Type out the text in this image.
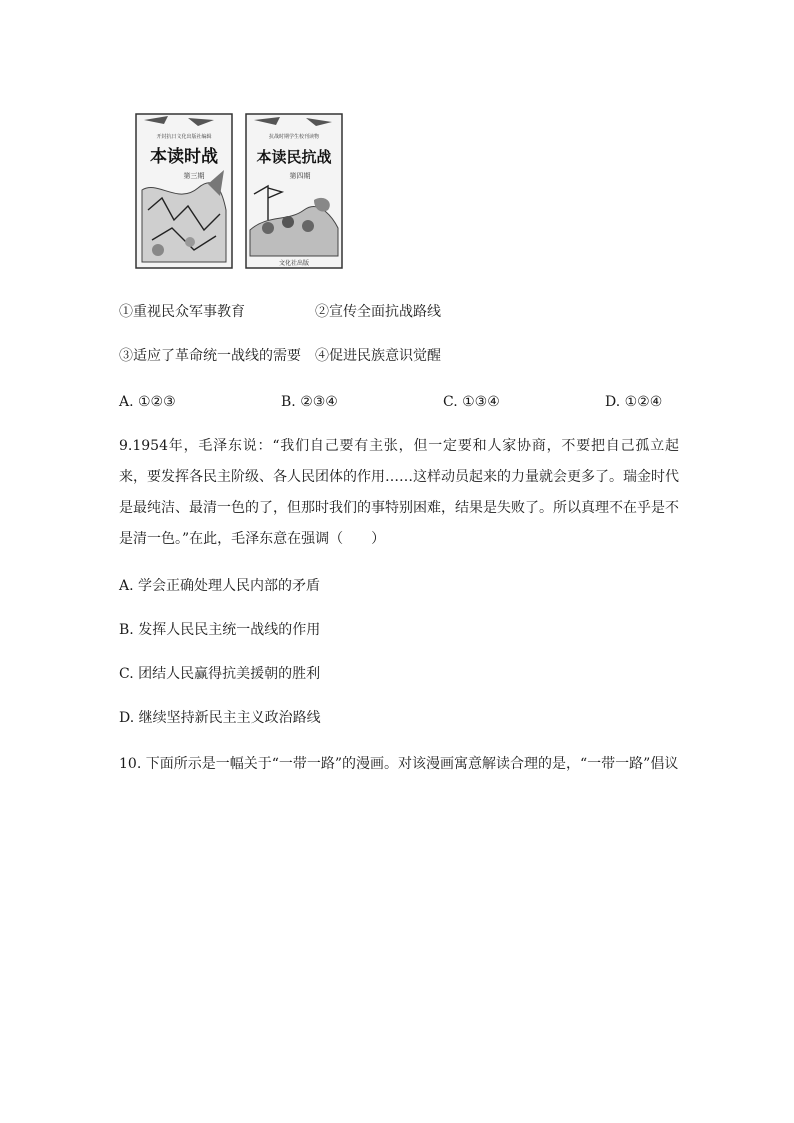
开封抗日文化出版社编辑
本读时战
第三期
抗战时期学生校刊读物
本读民抗战
第四期
文化社出版
①重视民众军事教育	②宣传全面抗战路线
③适应了革命统一战线的需要 ④促进民族意识觉醒
A. ①②③	B. ②③④	C. ①③④	D. ①②④
9.1954年，毛泽东说：“我们自己要有主张，但一定要和人家协商，不要把自己孤立起来，要发挥各民主阶级、各人民团体的作用……这样动员起来的力量就会更多了。瑞金时代是最纯洁、最清一色的了，但那时我们的事特别困难，结果是失败了。所以真理不在乎是不是清一色。”在此，毛泽东意在强调（　　）
A. 学会正确处理人民内部的矛盾
B. 发挥人民民主统一战线的作用
C. 团结人民赢得抗美援朝的胜利
D. 继续坚持新民主主义政治路线
10. 下面所示是一幅关于“一带一路”的漫画。对该漫画寓意解读合理的是，“一带一路”倡议
